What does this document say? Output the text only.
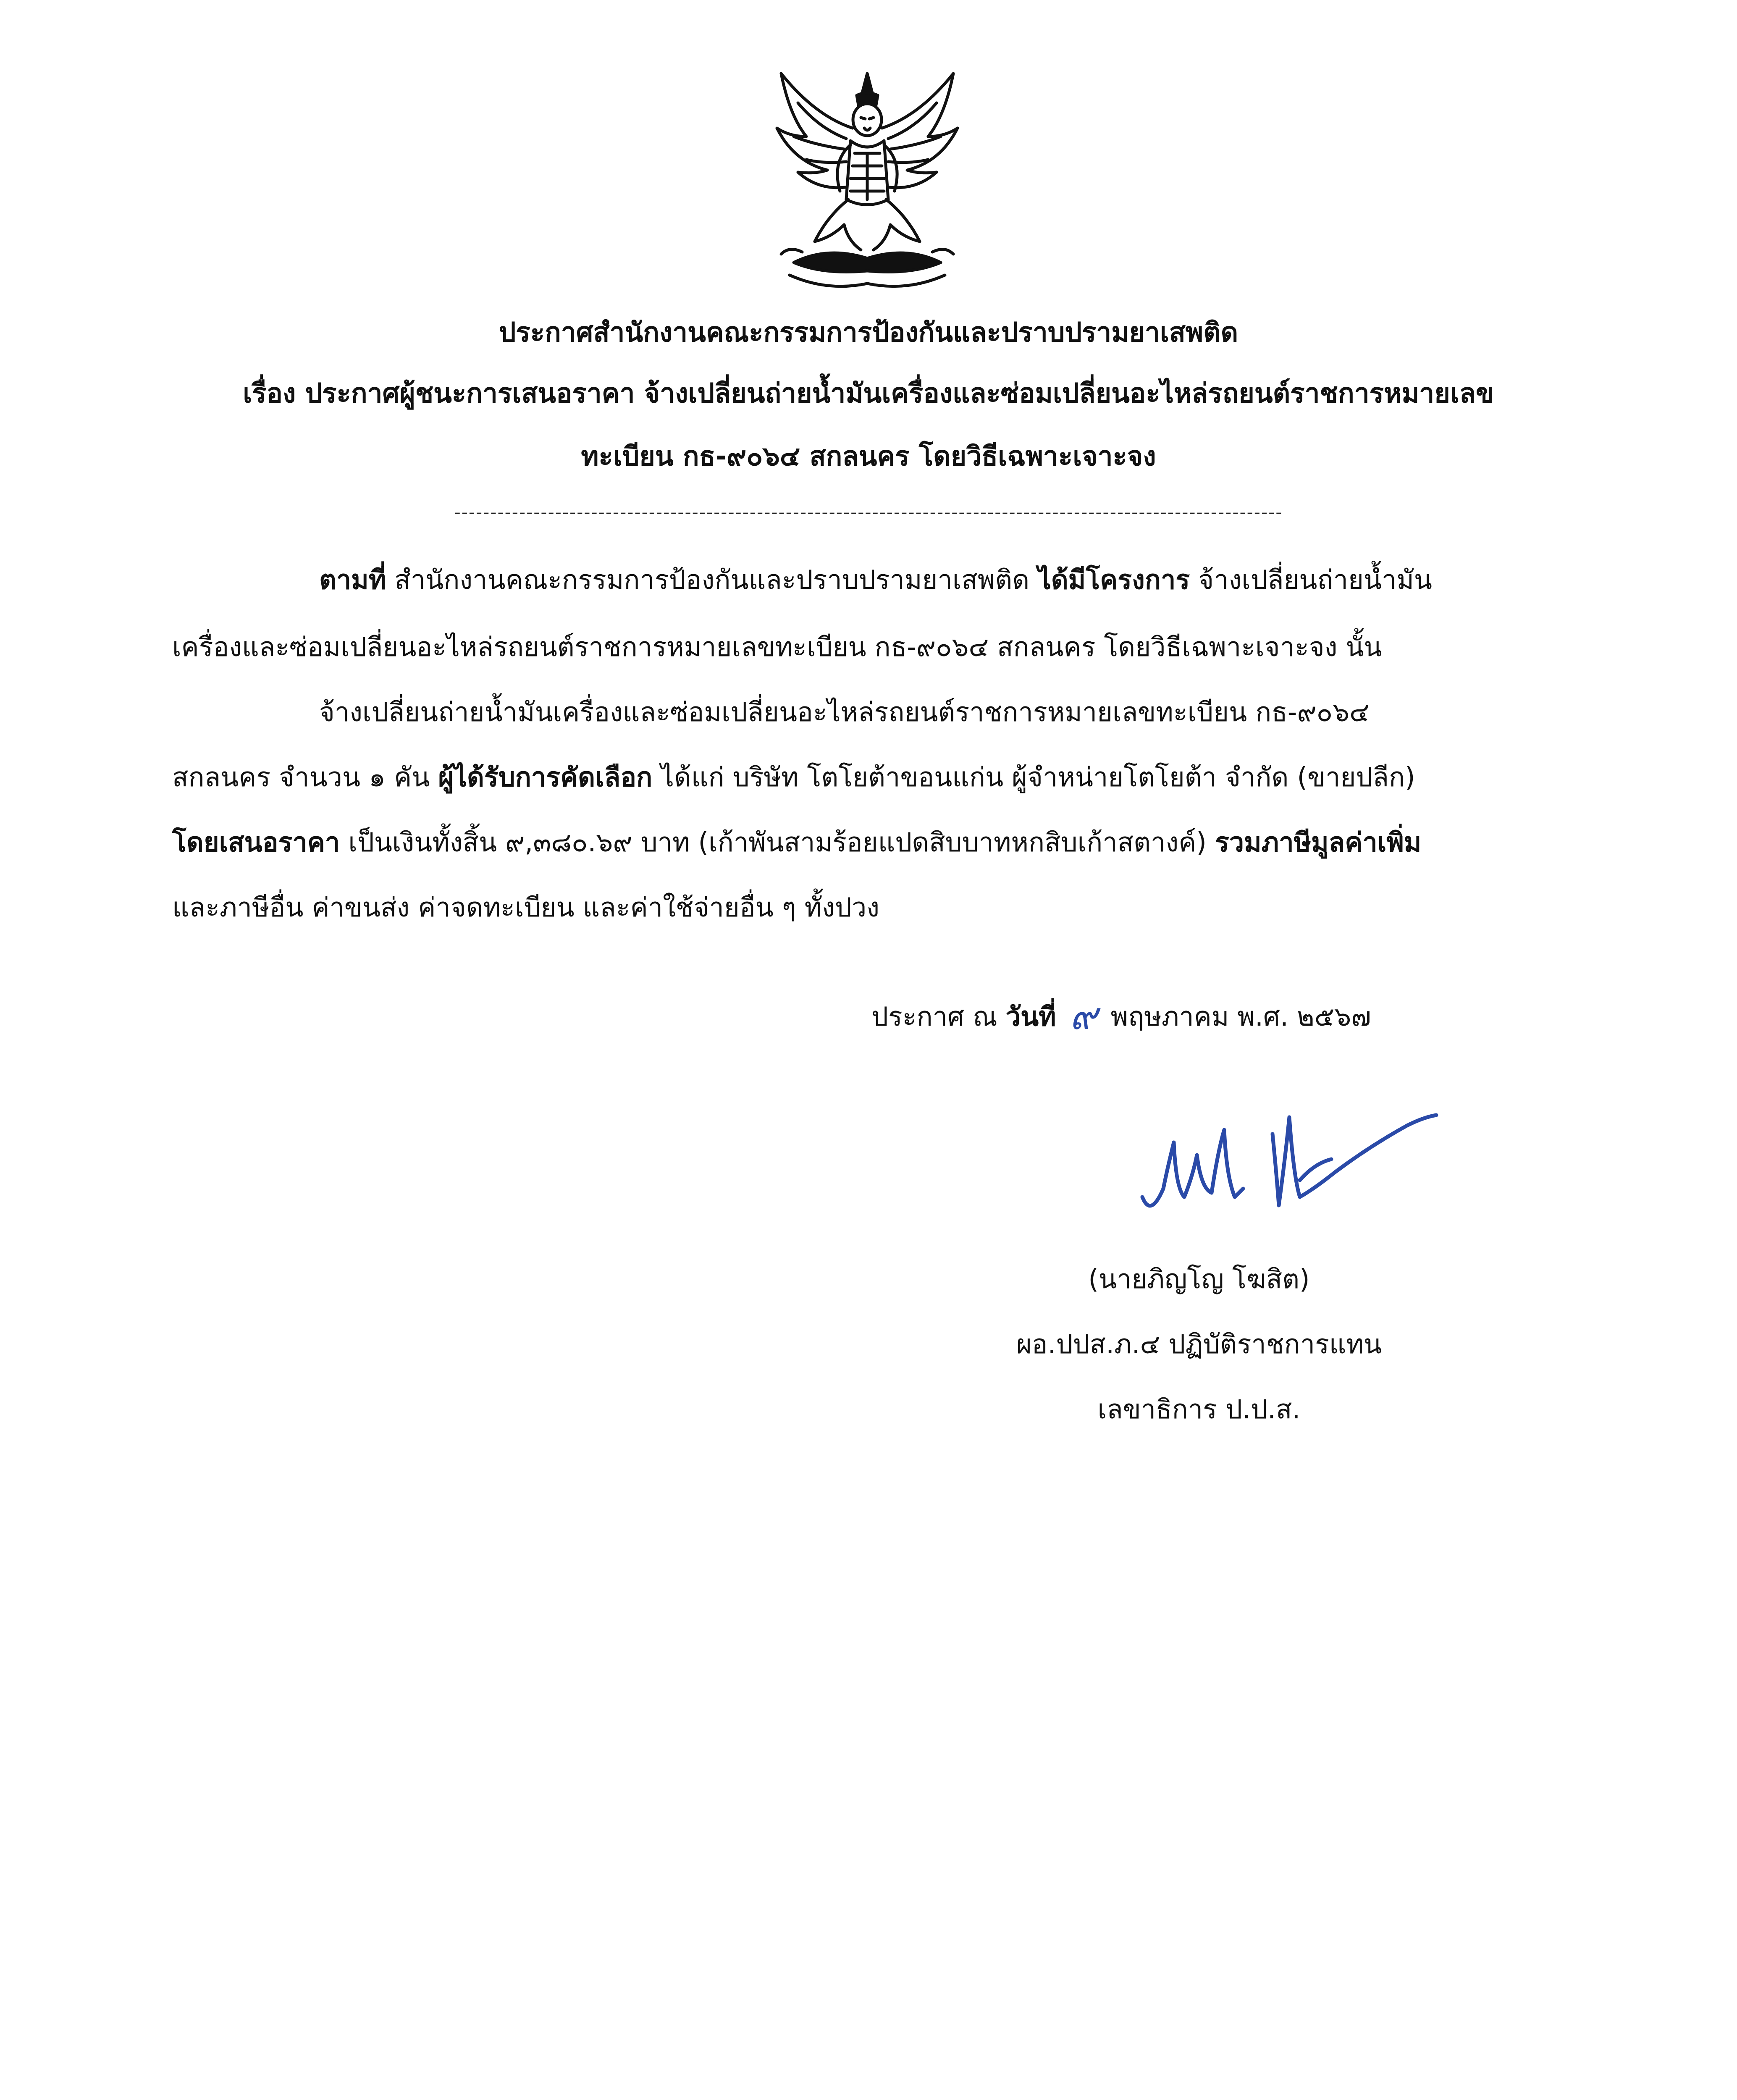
ประกาศสำนักงานคณะกรรมการป้องกันและปราบปรามยาเสพติด
เรื่อง ประกาศผู้ชนะการเสนอราคา จ้างเปลี่ยนถ่ายน้ำมันเครื่องและซ่อมเปลี่ยนอะไหล่รถยนต์ราชการหมายเลข
ทะเบียน กธ-๙๐๖๔ สกลนคร โดยวิธีเฉพาะเจาะจง
-------------------------------------------------------------------------------------------------------------------
ตามที่ สำนักงานคณะกรรมการป้องกันและปราบปรามยาเสพติด ได้มีโครงการ จ้างเปลี่ยนถ่ายน้ำมัน
เครื่องและซ่อมเปลี่ยนอะไหล่รถยนต์ราชการหมายเลขทะเบียน กธ-๙๐๖๔ สกลนคร โดยวิธีเฉพาะเจาะจง นั้น
จ้างเปลี่ยนถ่ายน้ำมันเครื่องและซ่อมเปลี่ยนอะไหล่รถยนต์ราชการหมายเลขทะเบียน กธ-๙๐๖๔
สกลนคร จำนวน ๑ คัน ผู้ได้รับการคัดเลือก ได้แก่ บริษัท โตโยต้าขอนแก่น ผู้จำหน่ายโตโยต้า จำกัด (ขายปลีก)
โดยเสนอราคา เป็นเงินทั้งสิ้น ๙,๓๘๐.๖๙ บาท (เก้าพันสามร้อยแปดสิบบาทหกสิบเก้าสตางค์) รวมภาษีมูลค่าเพิ่ม
และภาษีอื่น ค่าขนส่ง ค่าจดทะเบียน และค่าใช้จ่ายอื่น ๆ ทั้งปวง
ประกาศ ณ วันที่ ๙ พฤษภาคม พ.ศ. ๒๕๖๗
(นายภิญโญ โฆสิต)
ผอ.ปปส.ภ.๔ ปฏิบัติราชการแทน
เลขาธิการ ป.ป.ส.
